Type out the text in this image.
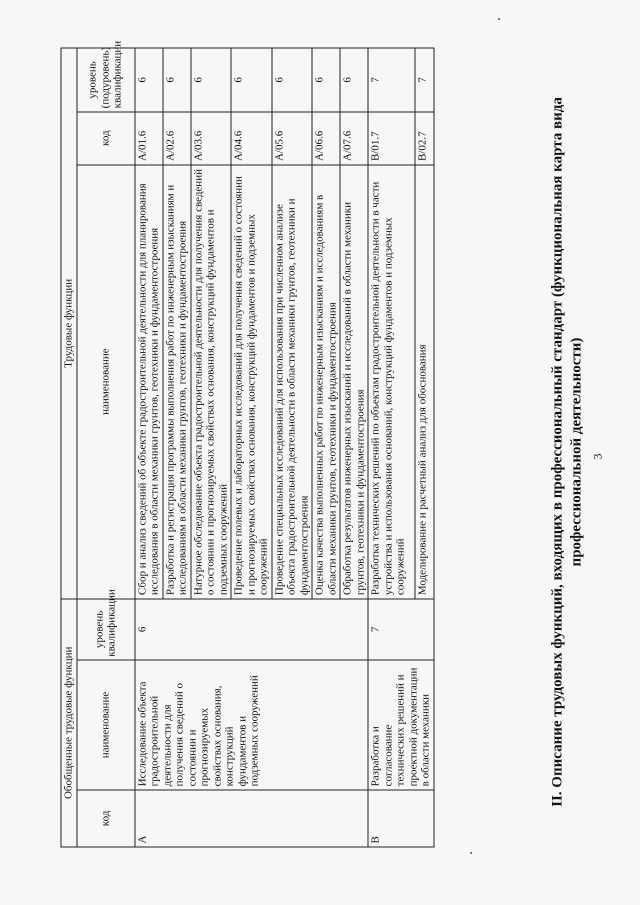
3
II. Описание трудовых функций, входящих в профессиональный стандарт (функциональная карта вида профессиональной деятельности)
Обобщенные трудовые функции			Трудовые функции		
код	наименование	уровень квалификации	наименование	код	уровень (подуровень) квалификации
A	Исследование объекта градостроительной деятельности для получения сведений о состоянии и прогнозируемых свойствах основания, конструкций фундаментов и подземных сооружений	6	Сбор и анализ сведений об объекте градостроительной деятельности для планирования исследования в области механики грунтов, геотехники и фундаментостроения	A/01.6	6
			Разработка и регистрация программы выполнения работ по инженерным изысканиям и исследованиям в области механики грунтов, геотехники и фундаментостроения	A/02.6	6
			Натурное обследование объекта градостроительной деятельности для получения сведений о состоянии и прогнозируемых свойствах основания, конструкций фундаментов и подземных сооружений	A/03.6	6
			Проведение полевых и лабораторных исследований для получения сведений о состоянии и прогнозируемых свойствах основания, конструкций фундаментов и подземных сооружений	A/04.6	6
			Проведение специальных исследований для использования при численном анализе объекта градостроительной деятельности в области механики грунтов, геотехники и фундаментостроения	A/05.6	6
			Оценка качества выполненных работ по инженерным изысканиям и исследованиям в области механики грунтов, геотехники и фундаментостроения	A/06.6	6
			Обработка результатов инженерных изысканий и исследований в области механики грунтов, геотехники и фундаментостроения	A/07.6	6
B	Разработка и согласование технических решений и проектной документации в области механики	7	Разработка технических решений по объектам градостроительной деятельности в части устройства и использования оснований, конструкций фундаментов и подземных сооружений	B/01.7	7
			Моделирование и расчетный анализ для обоснования	B/02.7	7
